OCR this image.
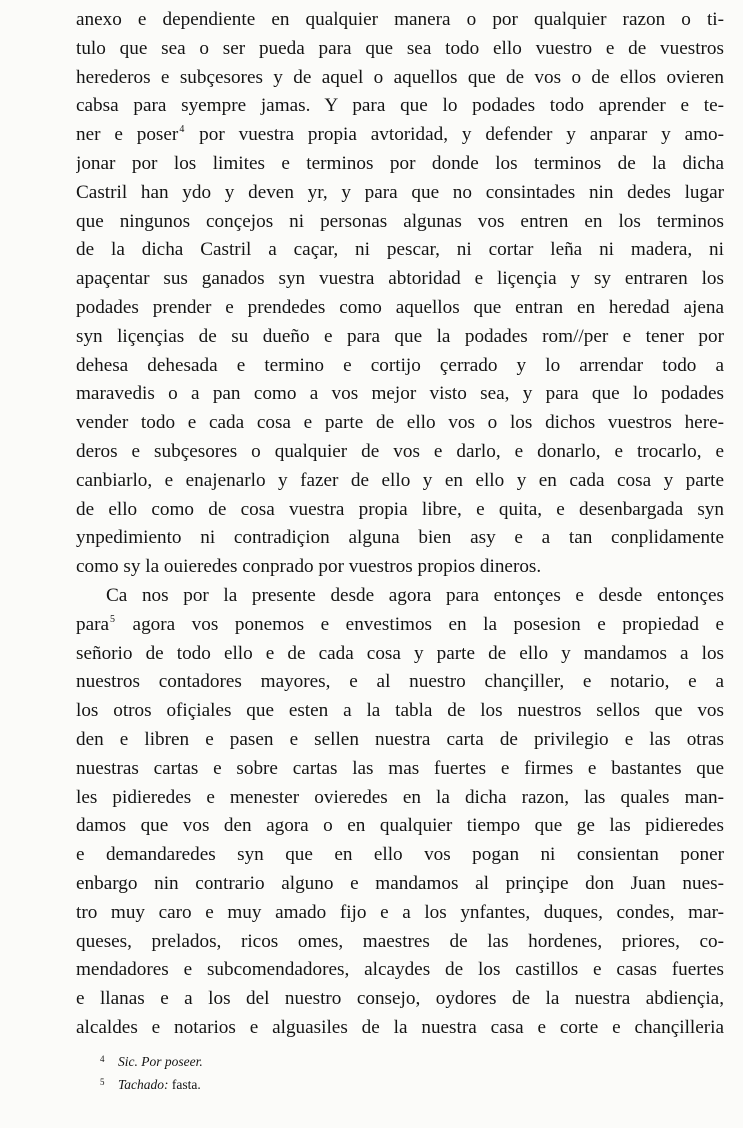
anexo e dependiente en qualquier manera o por qualquier razon o ti-
tulo que sea o ser pueda para que sea todo ello vuestro e de vuestros
herederos e subçesores y de aquel o aquellos que de vos o de ellos ovieren
cabsa para syempre jamas. Y para que lo podades todo aprender e te-
ner e poser$^4$ por vuestra propia avtoridad, y defender y anparar y amo-
jonar por los limites e terminos por donde los terminos de la dicha
Castril han ydo y deven yr, y para que no consintades nin dedes lugar
que ningunos conçejos ni personas algunas vos entren en los terminos
de la dicha Castril a caçar, ni pescar, ni cortar leña ni madera, ni
apaçentar sus ganados syn vuestra abtoridad e liçençia y sy entraren los
podades prender e prendedes como aquellos que entran en heredad ajena
syn liçençias de su dueño e para que la podades rom//per e tener por
dehesa dehesada e termino e cortijo çerrado y lo arrendar todo a
maravedis o a pan como a vos mejor visto sea, y para que lo podades
vender todo e cada cosa e parte de ello vos o los dichos vuestros here-
deros e subçesores o qualquier de vos e darlo, e donarlo, e trocarlo, e
canbiarlo, e enajenarlo y fazer de ello y en ello y en cada cosa y parte
de ello como de cosa vuestra propia libre, e quita, e desenbargada syn
ynpedimiento ni contradiçion alguna bien asy e a tan conplidamente
como sy la ouieredes conprado por vuestros propios dineros.
Ca nos por la presente desde agora para entonçes e desde entonçes
para$^5$ agora vos ponemos e envestimos en la posesion e propiedad e
señorio de todo ello e de cada cosa y parte de ello y mandamos a los
nuestros contadores mayores, e al nuestro chançiller, e notario, e a
los otros ofiçiales que esten a la tabla de los nuestros sellos que vos
den e libren e pasen e sellen nuestra carta de privilegio e las otras
nuestras cartas e sobre cartas las mas fuertes e firmes e bastantes que
les pidieredes e menester ovieredes en la dicha razon, las quales man-
damos que vos den agora o en qualquier tiempo que ge las pidieredes
e demandaredes syn que en ello vos pogan ni consientan poner
enbargo nin contrario alguno e mandamos al prinçipe don Juan nues-
tro muy caro e muy amado fijo e a los ynfantes, duques, condes, mar-
queses, prelados, ricos omes, maestres de las hordenes, priores, co-
mendadores e subcomendadores, alcaydes de los castillos e casas fuertes
e llanas e a los del nuestro consejo, oydores de la nuestra abdiençia,
alcaldes e notarios e alguasiles de la nuestra casa e corte e chançilleria
4 Sic. Por poseer.
5 Tachado: fasta.
